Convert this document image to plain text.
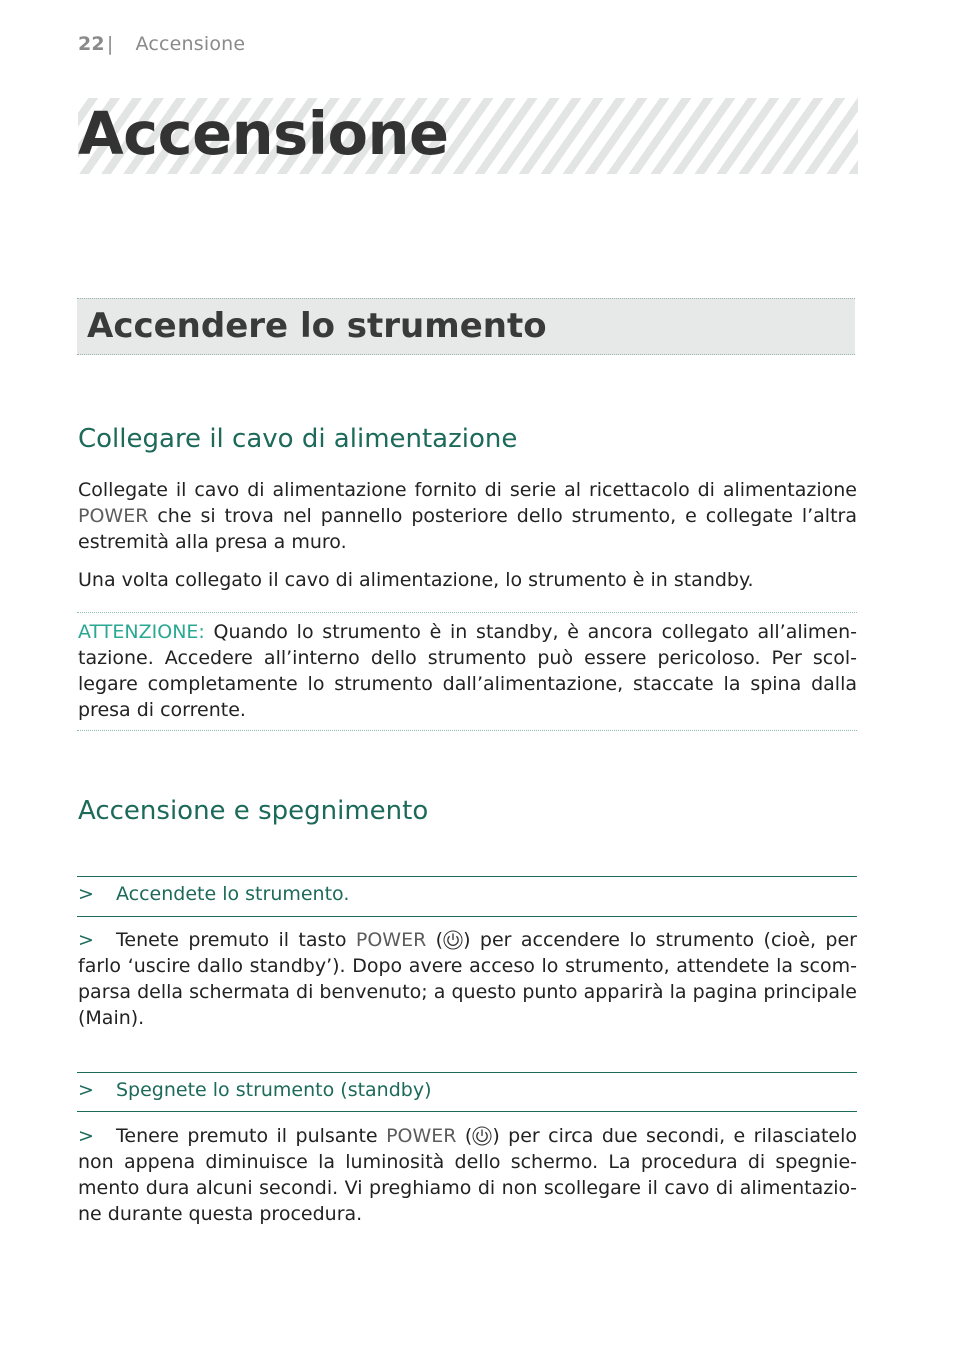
22 | Accensione
Accensione
Accendere lo strumento
Collegare il cavo di alimentazione

Collegate il cavo di alimentazione fornito di serie al ricettacolo di alimentazione POWER che si trova nel pannello posteriore dello strumento, e collegate l’altra estremità alla presa a muro.

Una volta collegato il cavo di alimentazione, lo strumento è in standby.

ATTENZIONE: Quando lo strumento è in standby, è ancora collegato all’alimentazione. Accedere all’interno dello strumento può essere pericoloso. Per scollegare completamente lo strumento dall’alimentazione, staccate la spina dalla presa di corrente.

Accensione e spegnimento

> Accendete lo strumento.

> Tenete premuto il tasto POWER ( ) per accendere lo strumento (cioè, per farlo ‘uscire dallo standby’). Dopo avere acceso lo strumento, attendete la scomparsa della schermata di benvenuto; a questo punto apparirà la pagina principale (Main).

> Spegnete lo strumento (standby)

> Tenere premuto il pulsante POWER ( ) per circa due secondi, e rilasciatelo non appena diminuisce la luminosità dello schermo. La procedura di spegniemento dura alcuni secondi. Vi preghiamo di non scollegare il cavo di alimentazione durante questa procedura.
